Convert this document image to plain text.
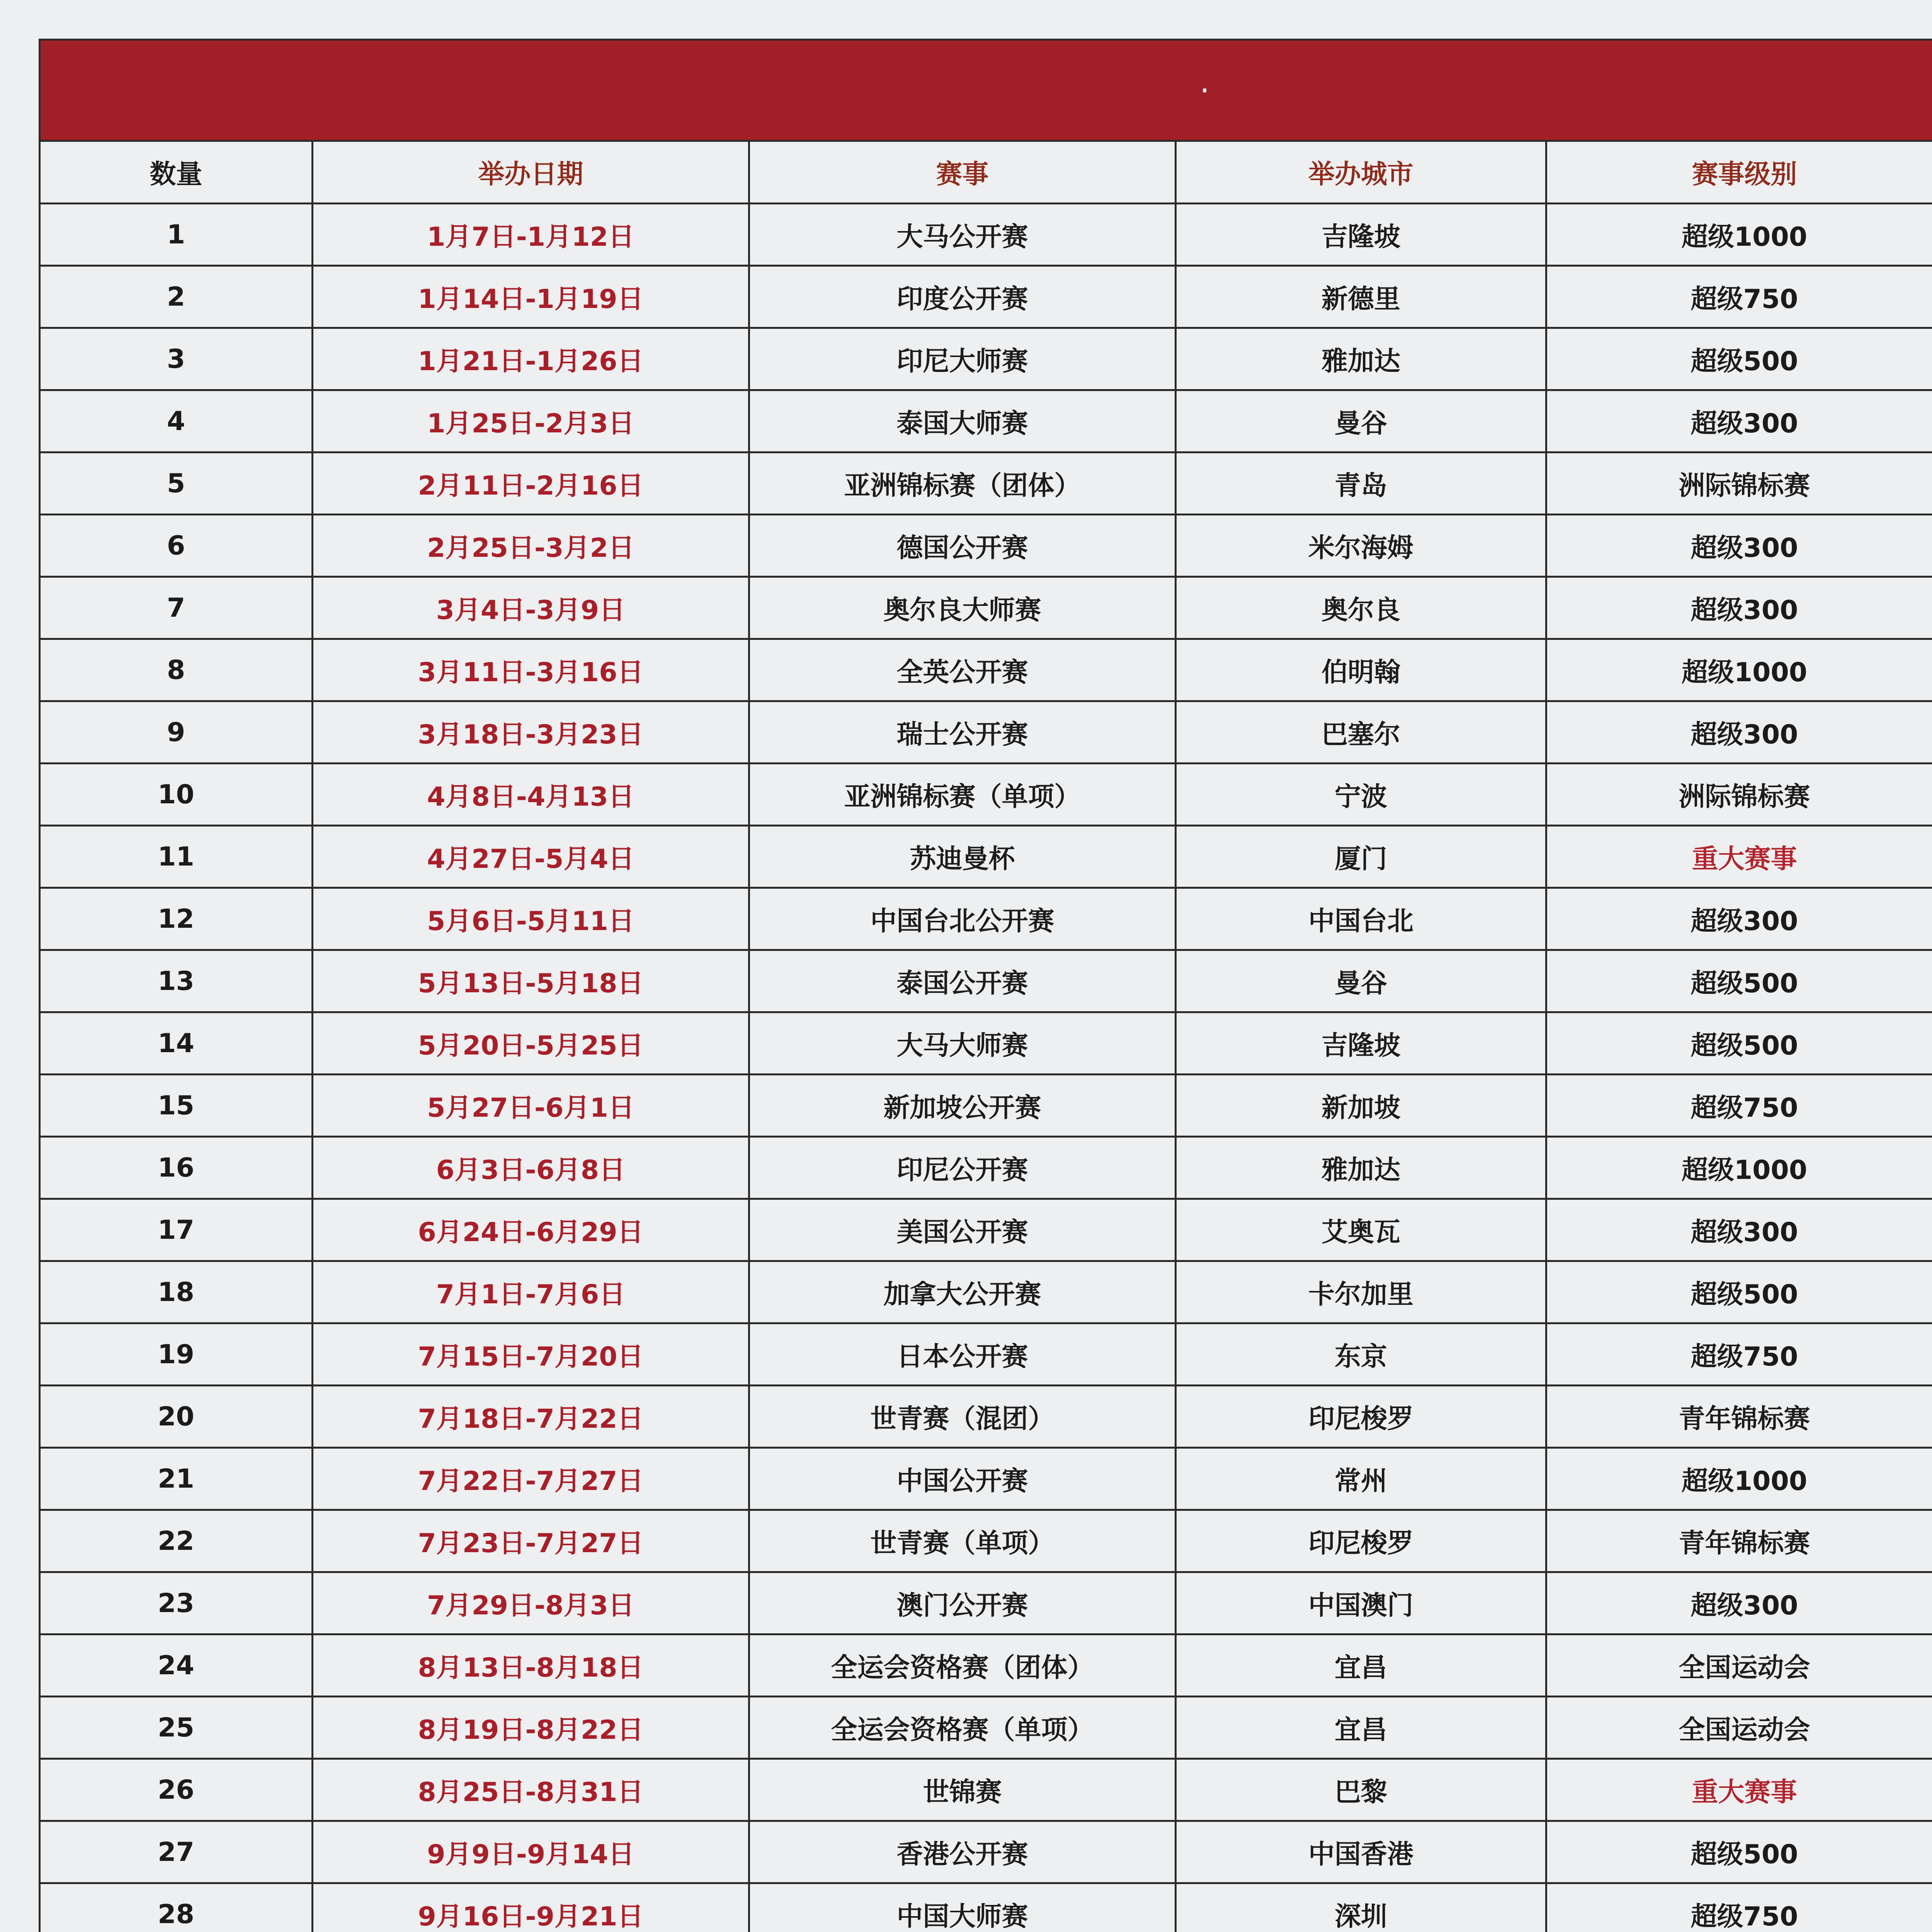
·
数量	举办日期	赛事	举办城市	赛事级别
1	1月7日-1月12日	大马公开赛	吉隆坡	超级1000
2	1月14日-1月19日	印度公开赛	新德里	超级750
3	1月21日-1月26日	印尼大师赛	雅加达	超级500
4	1月25日-2月3日	泰国大师赛	曼谷	超级300
5	2月11日-2月16日	亚洲锦标赛（团体）	青岛	洲际锦标赛
6	2月25日-3月2日	德国公开赛	米尔海姆	超级300
7	3月4日-3月9日	奥尔良大师赛	奥尔良	超级300
8	3月11日-3月16日	全英公开赛	伯明翰	超级1000
9	3月18日-3月23日	瑞士公开赛	巴塞尔	超级300
10	4月8日-4月13日	亚洲锦标赛（单项）	宁波	洲际锦标赛
11	4月27日-5月4日	苏迪曼杯	厦门	重大赛事
12	5月6日-5月11日	中国台北公开赛	中国台北	超级300
13	5月13日-5月18日	泰国公开赛	曼谷	超级500
14	5月20日-5月25日	大马大师赛	吉隆坡	超级500
15	5月27日-6月1日	新加坡公开赛	新加坡	超级750
16	6月3日-6月8日	印尼公开赛	雅加达	超级1000
17	6月24日-6月29日	美国公开赛	艾奥瓦	超级300
18	7月1日-7月6日	加拿大公开赛	卡尔加里	超级500
19	7月15日-7月20日	日本公开赛	东京	超级750
20	7月18日-7月22日	世青赛（混团）	印尼梭罗	青年锦标赛
21	7月22日-7月27日	中国公开赛	常州	超级1000
22	7月23日-7月27日	世青赛（单项）	印尼梭罗	青年锦标赛
23	7月29日-8月3日	澳门公开赛	中国澳门	超级300
24	8月13日-8月18日	全运会资格赛（团体）	宜昌	全国运动会
25	8月19日-8月22日	全运会资格赛（单项）	宜昌	全国运动会
26	8月25日-8月31日	世锦赛	巴黎	重大赛事
27	9月9日-9月14日	香港公开赛	中国香港	超级500
28	9月16日-9月21日	中国大师赛	深圳	超级750
